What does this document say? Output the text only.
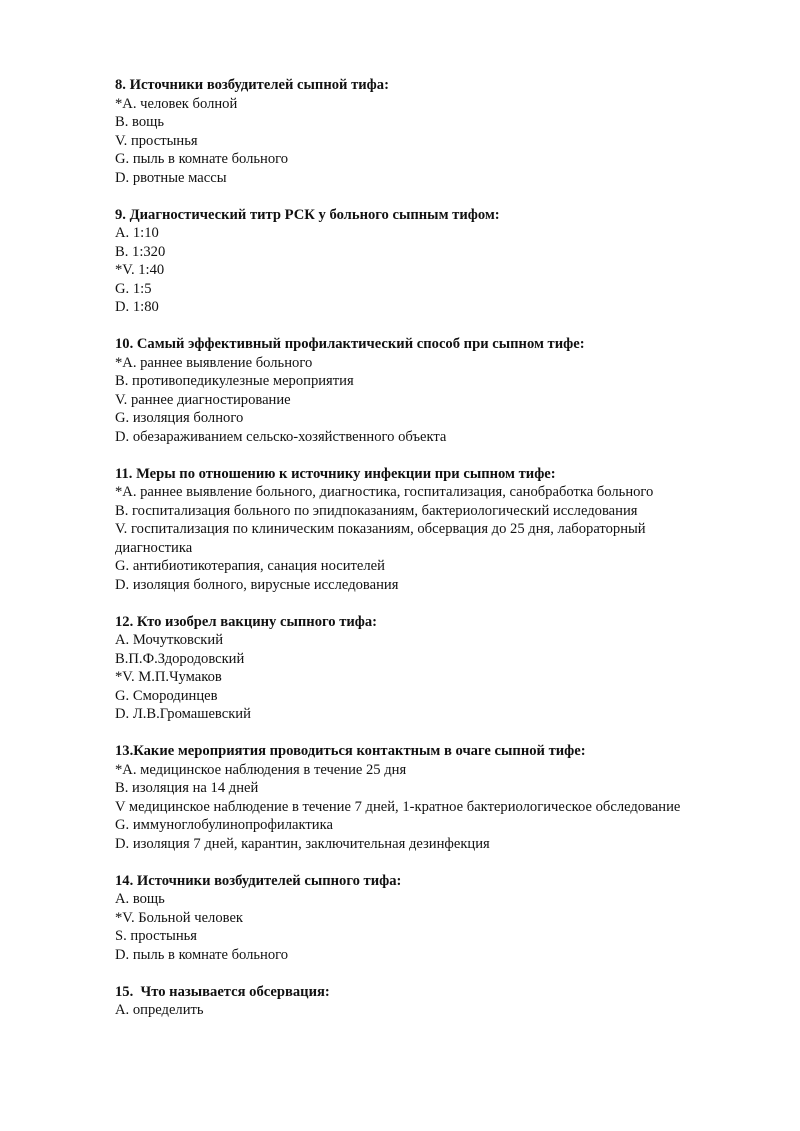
8. Источники возбудителей сыпной тифа:
*A. человек болной
B. вощь
V. простынья
G. пыль в комнате больного
D. рвотные массы
9. Диагностический титр РСК у больного сыпным тифом:
A. 1:10
B. 1:320
*V. 1:40
G. 1:5
D. 1:80
10. Самый эффективный профилактический способ при сыпном тифе:
*A. раннее выявление больного
B. противопедикулезные мероприятия
V. раннее диагностирование
G. изоляция болного
D. обезараживанием сельско-хозяйственного объекта
11. Меры по отношению к источнику инфекции при сыпном тифе:
*A. раннее выявление больного, диагностика, госпитализация, санобработка больного
B. госпитализация больного по эпидпоказаниям, бактериологический исследования
V. госпитализация по клиническим показаниям, обсервация до 25 дня, лабораторный диагностика
G. антибиотикотерапия, санация носителей
D. изоляция болного, вирусные исследования
12. Кто изобрел вакцину сыпного тифа:
A. Мочутковский
B.П.Ф.Здородовский
*V. М.П.Чумаков
G. Смородинцев
D. Л.В.Громашевский
13.Какие мероприятия проводиться контактным в очаге сыпной тифе:
*A. медицинское наблюдения в течение 25 дня
B. изоляция на 14 дней
V медицинское наблюдение в течение 7 дней, 1-кратное бактериологическое обследование
G. иммуноглобулинопрофилактика
D. изоляция 7 дней, карантин, заключительная дезинфекция
14. Источники возбудителей сыпного тифа:
A. вощь
*V. Больной человек
S. простынья
D. пыль в комнате больного
15.  Что называется обсервация:
A. определить
